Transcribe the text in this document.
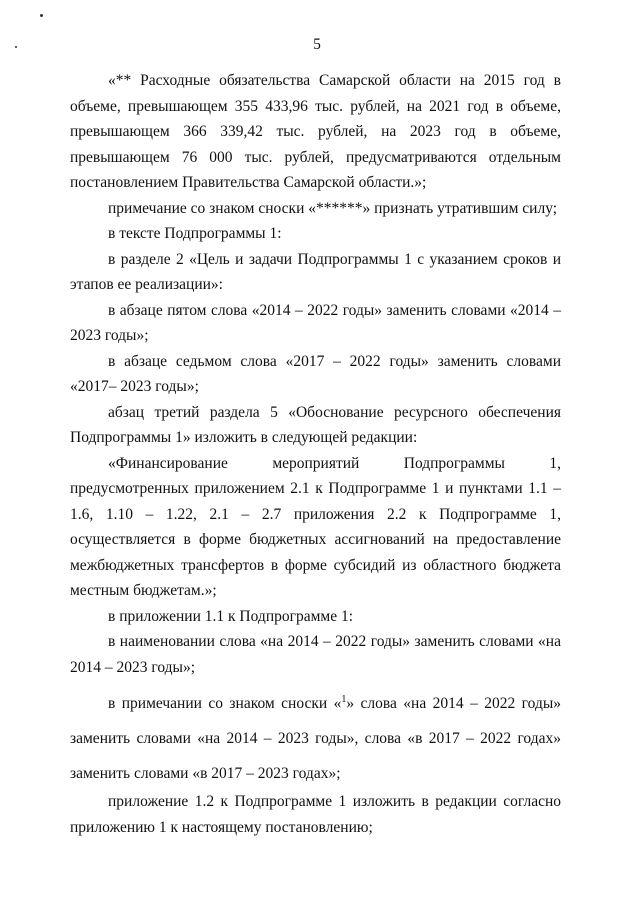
5

«** Расходные обязательства Самарской области на 2015 год в объеме, превышающем 355 433,96 тыс. рублей, на 2021 год в объеме, превышающем 366 339,42 тыс. рублей, на 2023 год в объеме, превышающем 76 000 тыс. рублей, предусматриваются отдельным постановлением Правительства Самарской области.»;

примечание со знаком сноски «******» признать утратившим силу;

в тексте Подпрограммы 1:

в разделе 2 «Цель и задачи Подпрограммы 1 с указанием сроков и этапов ее реализации»:

в абзаце пятом слова «2014 – 2022 годы» заменить словами «2014 – 2023 годы»;

в абзаце седьмом слова «2017 – 2022 годы» заменить словами «2017– 2023 годы»;

абзац третий раздела 5 «Обоснование ресурсного обеспечения Подпрограммы 1» изложить в следующей редакции:

«Финансирование мероприятий Подпрограммы 1, предусмотренных приложением 2.1 к Подпрограмме 1 и пунктами 1.1 – 1.6, 1.10 – 1.22, 2.1 – 2.7 приложения 2.2 к Подпрограмме 1, осуществляется в форме бюджетных ассигнований на предоставление межбюджетных трансфертов в форме субсидий из областного бюджета местным бюджетам.»;

в приложении 1.1 к Подпрограмме 1:

в наименовании слова «на 2014 – 2022 годы» заменить словами «на 2014 – 2023 годы»;

в примечании со знаком сноски «$^1$» слова «на 2014 – 2022 годы» заменить словами «на 2014 – 2023 годы», слова «в 2017 – 2022 годах» заменить словами «в 2017 – 2023 годах»;

приложение 1.2 к Подпрограмме 1 изложить в редакции согласно приложению 1 к настоящему постановлению;
